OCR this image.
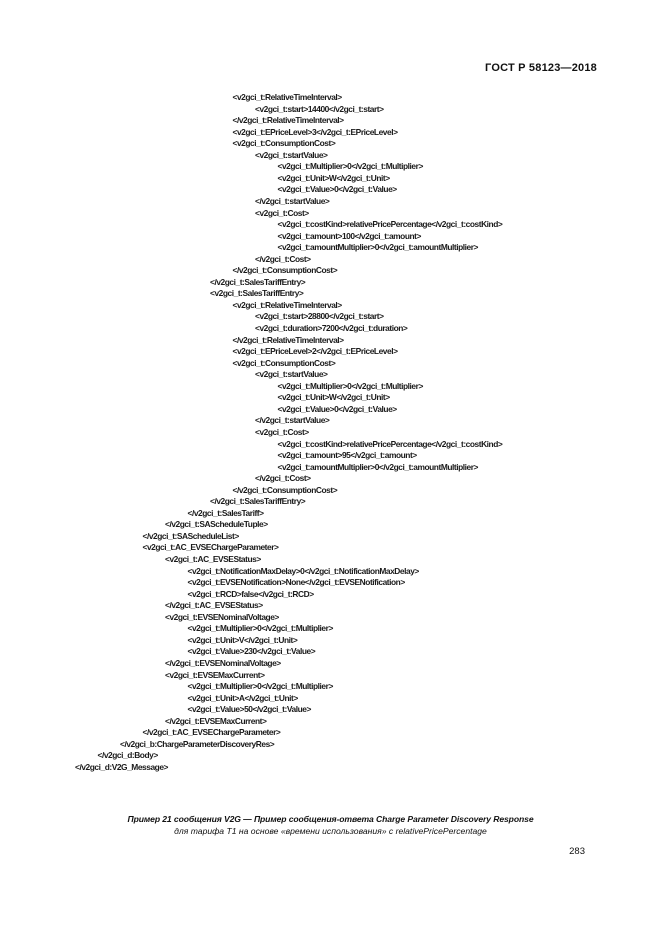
ГОСТ Р 58123—2018
<v2gci_t:RelativeTimeInterval>
<v2gci_t:start>14400</v2gci_t:start>
</v2gci_t:RelativeTimeInterval>
<v2gci_t:EPriceLevel>3</v2gci_t:EPriceLevel>
<v2gci_t:ConsumptionCost>
<v2gci_t:startValue>
<v2gci_t:Multiplier>0</v2gci_t:Multiplier>
<v2gci_t:Unit>W</v2gci_t:Unit>
<v2gci_t:Value>0</v2gci_t:Value>
</v2gci_t:startValue>
<v2gci_t:Cost>
<v2gci_t:costKind>relativePricePercentage</v2gci_t:costKind>
<v2gci_t:amount>100</v2gci_t:amount>
<v2gci_t:amountMultiplier>0</v2gci_t:amountMultiplier>
</v2gci_t:Cost>
</v2gci_t:ConsumptionCost>
</v2gci_t:SalesTariffEntry>
<v2gci_t:SalesTariffEntry>
<v2gci_t:RelativeTimeInterval>
<v2gci_t:start>28800</v2gci_t:start>
<v2gci_t:duration>7200</v2gci_t:duration>
</v2gci_t:RelativeTimeInterval>
<v2gci_t:EPriceLevel>2</v2gci_t:EPriceLevel>
<v2gci_t:ConsumptionCost>
<v2gci_t:startValue>
<v2gci_t:Multiplier>0</v2gci_t:Multiplier>
<v2gci_t:Unit>W</v2gci_t:Unit>
<v2gci_t:Value>0</v2gci_t:Value>
</v2gci_t:startValue>
<v2gci_t:Cost>
<v2gci_t:costKind>relativePricePercentage</v2gci_t:costKind>
<v2gci_t:amount>95</v2gci_t:amount>
<v2gci_t:amountMultiplier>0</v2gci_t:amountMultiplier>
</v2gci_t:Cost>
</v2gci_t:ConsumptionCost>
</v2gci_t:SalesTariffEntry>
</v2gci_t:SalesTariff>
</v2gci_t:SAScheduleTuple>
</v2gci_t:SAScheduleList>
<v2gci_t:AC_EVSEChargeParameter>
<v2gci_t:AC_EVSEStatus>
<v2gci_t:NotificationMaxDelay>0</v2gci_t:NotificationMaxDelay>
<v2gci_t:EVSENotification>None</v2gci_t:EVSENotification>
<v2gci_t:RCD>false</v2gci_t:RCD>
</v2gci_t:AC_EVSEStatus>
<v2gci_t:EVSENominalVoltage>
<v2gci_t:Multiplier>0</v2gci_t:Multiplier>
<v2gci_t:Unit>V</v2gci_t:Unit>
<v2gci_t:Value>230</v2gci_t:Value>
</v2gci_t:EVSENominalVoltage>
<v2gci_t:EVSEMaxCurrent>
<v2gci_t:Multiplier>0</v2gci_t:Multiplier>
<v2gci_t:Unit>A</v2gci_t:Unit>
<v2gci_t:Value>50</v2gci_t:Value>
</v2gci_t:EVSEMaxCurrent>
</v2gci_t:AC_EVSEChargeParameter>
</v2gci_b:ChargeParameterDiscoveryRes>
</v2gci_d:Body>
</v2gci_d:V2G_Message>
Пример 21 сообщения V2G — Пример сообщения-ответа Charge Parameter Discovery Response
для тарифа Т1 на основе «времени использования» с relativePricePercentage
283
